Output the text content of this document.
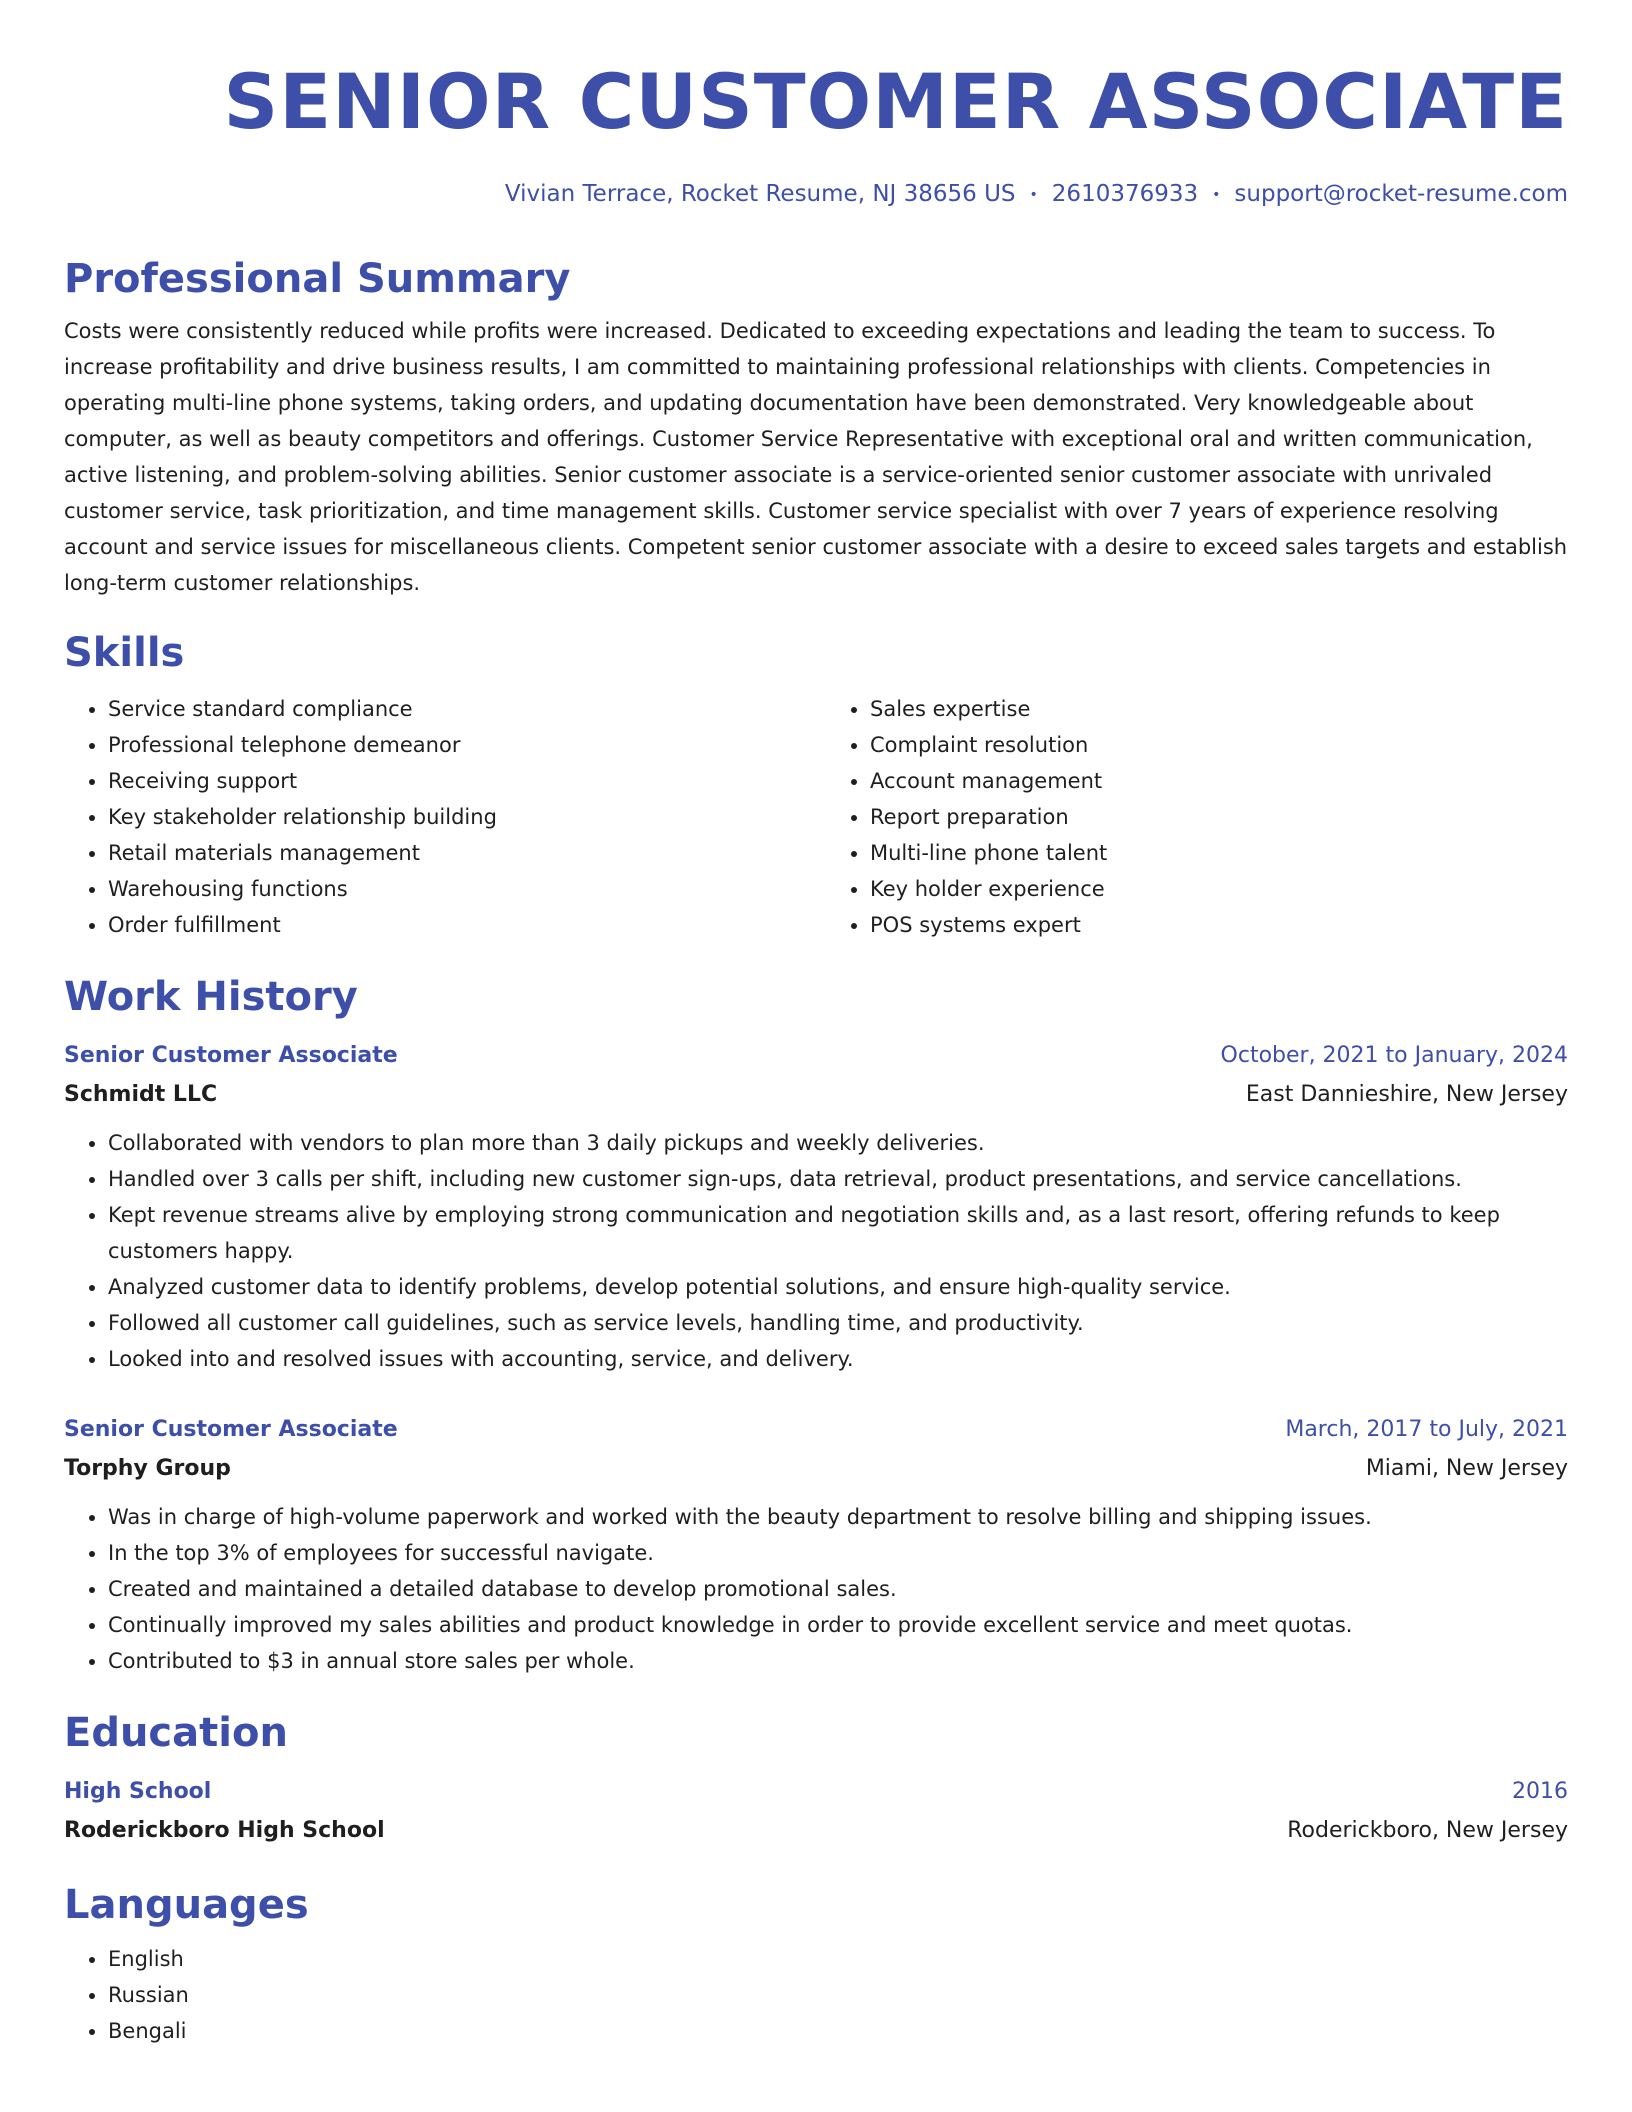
SENIOR CUSTOMER ASSOCIATE
Vivian Terrace, Rocket Resume, NJ 38656 US • 2610376933 • support@rocket-resume.com
Professional Summary
Costs were consistently reduced while profits were increased. Dedicated to exceeding expectations and leading the team to success. To increase profitability and drive business results, I am committed to maintaining professional relationships with clients. Competencies in operating multi-line phone systems, taking orders, and updating documentation have been demonstrated. Very knowledgeable about computer, as well as beauty competitors and offerings. Customer Service Representative with exceptional oral and written communication, active listening, and problem-solving abilities. Senior customer associate is a service-oriented senior customer associate with unrivaled customer service, task prioritization, and time management skills. Customer service specialist with over 7 years of experience resolving account and service issues for miscellaneous clients. Competent senior customer associate with a desire to exceed sales targets and establish long-term customer relationships.
Skills
• Service standard compliance
• Professional telephone demeanor
• Receiving support
• Key stakeholder relationship building
• Retail materials management
• Warehousing functions
• Order fulfillment
• Sales expertise
• Complaint resolution
• Account management
• Report preparation
• Multi-line phone talent
• Key holder experience
• POS systems expert
Work History
Senior Customer Associate	October, 2021 to January, 2024
Schmidt LLC	East Dannieshire, New Jersey
• Collaborated with vendors to plan more than 3 daily pickups and weekly deliveries.
• Handled over 3 calls per shift, including new customer sign-ups, data retrieval, product presentations, and service cancellations.
• Kept revenue streams alive by employing strong communication and negotiation skills and, as a last resort, offering refunds to keep customers happy.
• Analyzed customer data to identify problems, develop potential solutions, and ensure high-quality service.
• Followed all customer call guidelines, such as service levels, handling time, and productivity.
• Looked into and resolved issues with accounting, service, and delivery.
Senior Customer Associate	March, 2017 to July, 2021
Torphy Group	Miami, New Jersey
• Was in charge of high-volume paperwork and worked with the beauty department to resolve billing and shipping issues.
• In the top 3% of employees for successful navigate.
• Created and maintained a detailed database to develop promotional sales.
• Continually improved my sales abilities and product knowledge in order to provide excellent service and meet quotas.
• Contributed to $3 in annual store sales per whole.
Education
High School	2016
Roderickboro High School	Roderickboro, New Jersey
Languages
• English
• Russian
• Bengali
